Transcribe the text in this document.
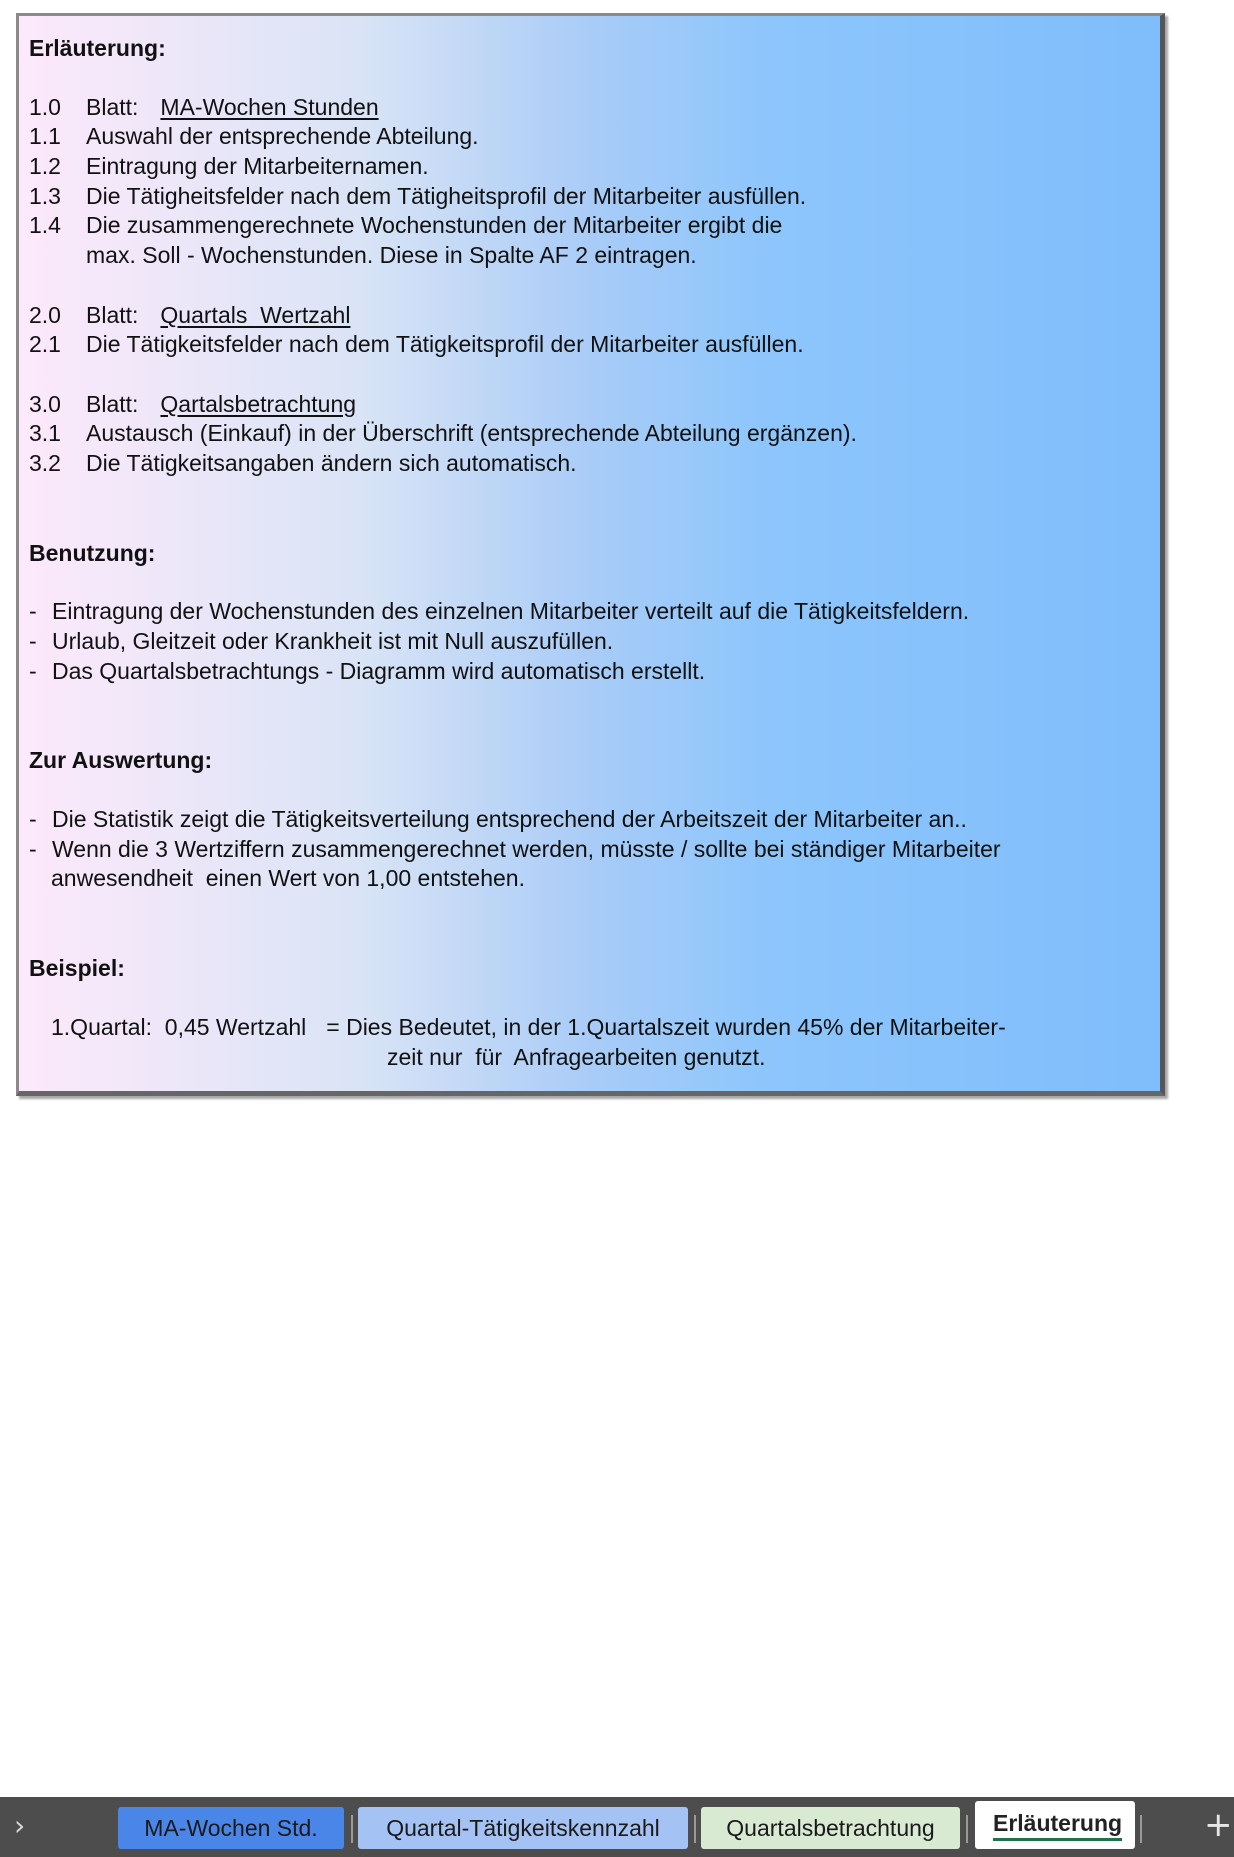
Erläuterung:
1.0	Blatt: MA-Wochen Stunden
1.1	Auswahl der entsprechende Abteilung.
1.2	Eintragung der Mitarbeiternamen.
1.3	Die Tätigheitsfelder nach dem Tätigheitsprofil der Mitarbeiter ausfüllen.
1.4	Die zusammengerechnete Wochenstunden der Mitarbeiter ergibt die
max. Soll - Wochenstunden. Diese in Spalte AF 2 eintragen.
2.0	Blatt: Quartals  Wertzahl
2.1	Die Tätigkeitsfelder nach dem Tätigkeitsprofil der Mitarbeiter ausfüllen.
3.0	Blatt: Qartalsbetrachtung
3.1	Austausch (Einkauf) in der Überschrift (entsprechende Abteilung ergänzen).
3.2	Die Tätigkeitsangaben ändern sich automatisch.
Benutzung:
- Eintragung der Wochenstunden des einzelnen Mitarbeiter verteilt auf die Tätigkeitsfeldern.
- Urlaub, Gleitzeit oder Krankheit ist mit Null auszufüllen.
- Das Quartalsbetrachtungs - Diagramm wird automatisch erstellt.
Zur Auswertung:
- Die Statistik zeigt die Tätigkeitsverteilung entsprechend der Arbeitszeit der Mitarbeiter an..
- Wenn die 3 Wertziffern zusammengerechnet werden, müsste / sollte bei ständiger Mitarbeiter
anwesendheit  einen Wert von 1,00 entstehen.
Beispiel:
1.Quartal:  0,45 Wertzahl = Dies Bedeutet, in der 1.Quartalszeit wurden 45% der Mitarbeiter-
zeit nur  für  Anfragearbeiten genutzt.
›	MA-Wochen Std.	Quartal-Tätigkeitskennzahl	Quartalsbetrachtung	Erläuterung	+
